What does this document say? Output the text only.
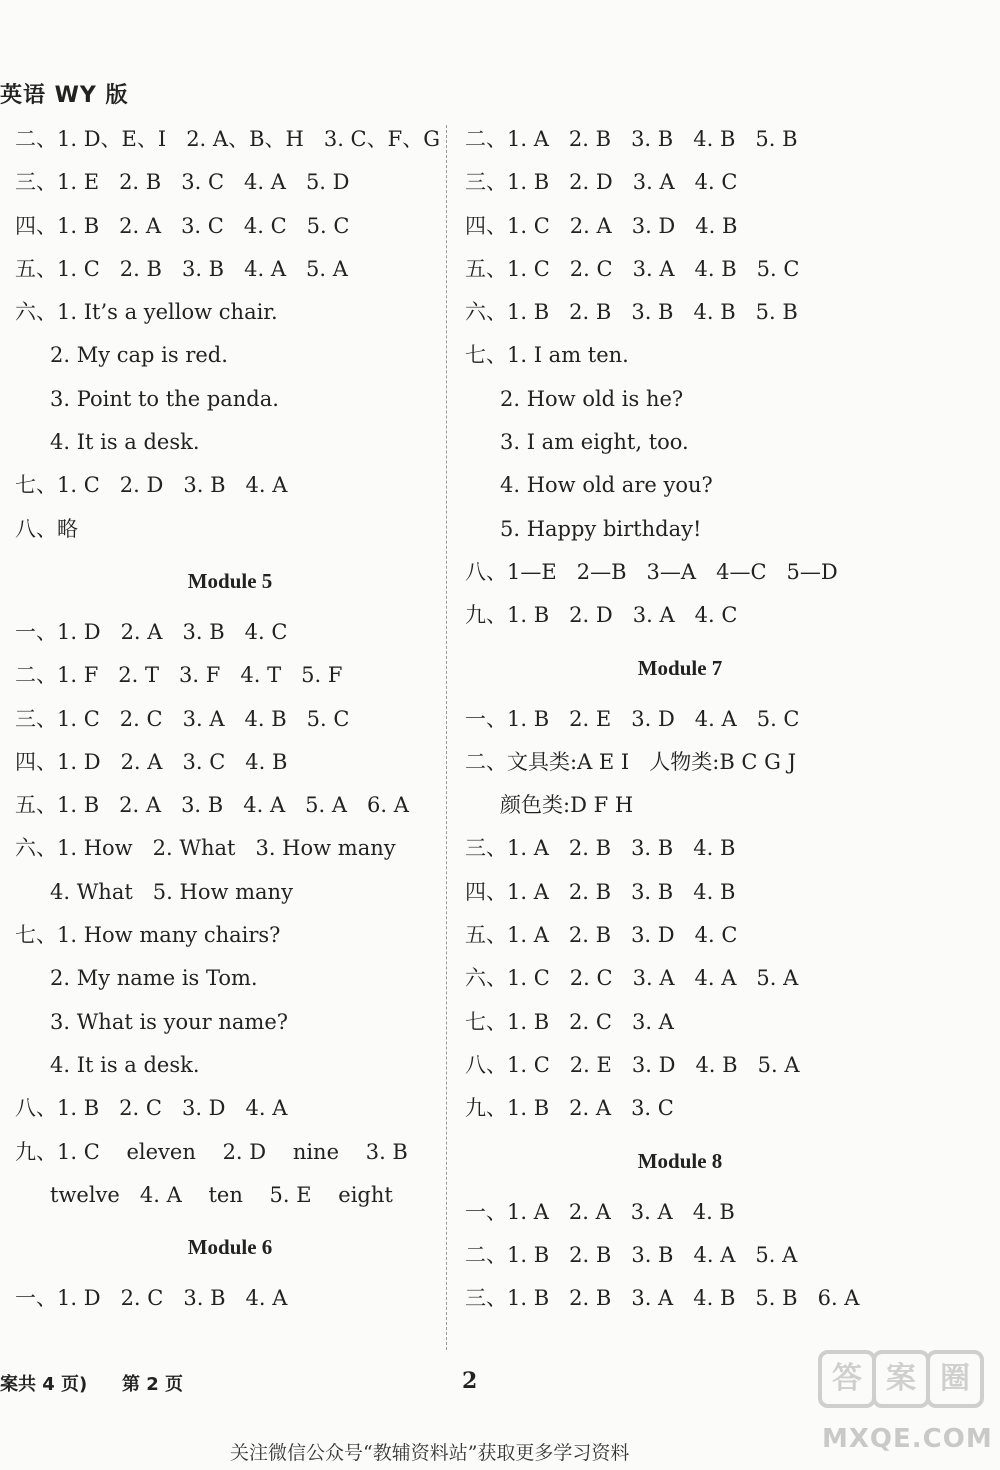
英语 WY 版
二、1. D、E、I   2. A、B、H   3. C、F、G
三、1. E   2. B   3. C   4. A   5. D
四、1. B   2. A   3. C   4. C   5. C
五、1. C   2. B   3. B   4. A   5. A
六、1. It’s a yellow chair.
2. My cap is red.
3. Point to the panda.
4. It is a desk.
七、1. C   2. D   3. B   4. A
八、略
Module 5
一、1. D   2. A   3. B   4. C
二、1. F   2. T   3. F   4. T   5. F
三、1. C   2. C   3. A   4. B   5. C
四、1. D   2. A   3. C   4. B
五、1. B   2. A   3. B   4. A   5. A   6. A
六、1. How   2. What   3. How many
4. What   5. How many
七、1. How many chairs?
2. My name is Tom.
3. What is your name?
4. It is a desk.
八、1. B   2. C   3. D   4. A
九、1. C    eleven    2. D    nine    3. B
twelve   4. A    ten    5. E    eight
Module 6
一、1. D   2. C   3. B   4. A
二、1. A   2. B   3. B   4. B   5. B
三、1. B   2. D   3. A   4. C
四、1. C   2. A   3. D   4. B
五、1. C   2. C   3. A   4. B   5. C
六、1. B   2. B   3. B   4. B   5. B
七、1. I am ten.
2. How old is he?
3. I am eight, too.
4. How old are you?
5. Happy birthday!
八、1—E   2—B   3—A   4—C   5—D
九、1. B   2. D   3. A   4. C
Module 7
一、1. B   2. E   3. D   4. A   5. C
二、文具类:A E I   人物类:B C G J
颜色类:D F H
三、1. A   2. B   3. B   4. B
四、1. A   2. B   3. B   4. B
五、1. A   2. B   3. D   4. C
六、1. C   2. C   3. A   4. A   5. A
七、1. B   2. C   3. A
八、1. C   2. E   3. D   4. B   5. A
九、1. B   2. A   3. C
Module 8
一、1. A   2. A   3. A   4. B
二、1. B   2. B   3. B   4. A   5. A
三、1. B   2. B   3. A   4. B   5. B   6. A
案共 4 页) 第 2 页	2
关注微信公众号“教辅资料站”获取更多学习资料
答 案 圈
MXQE.COM
